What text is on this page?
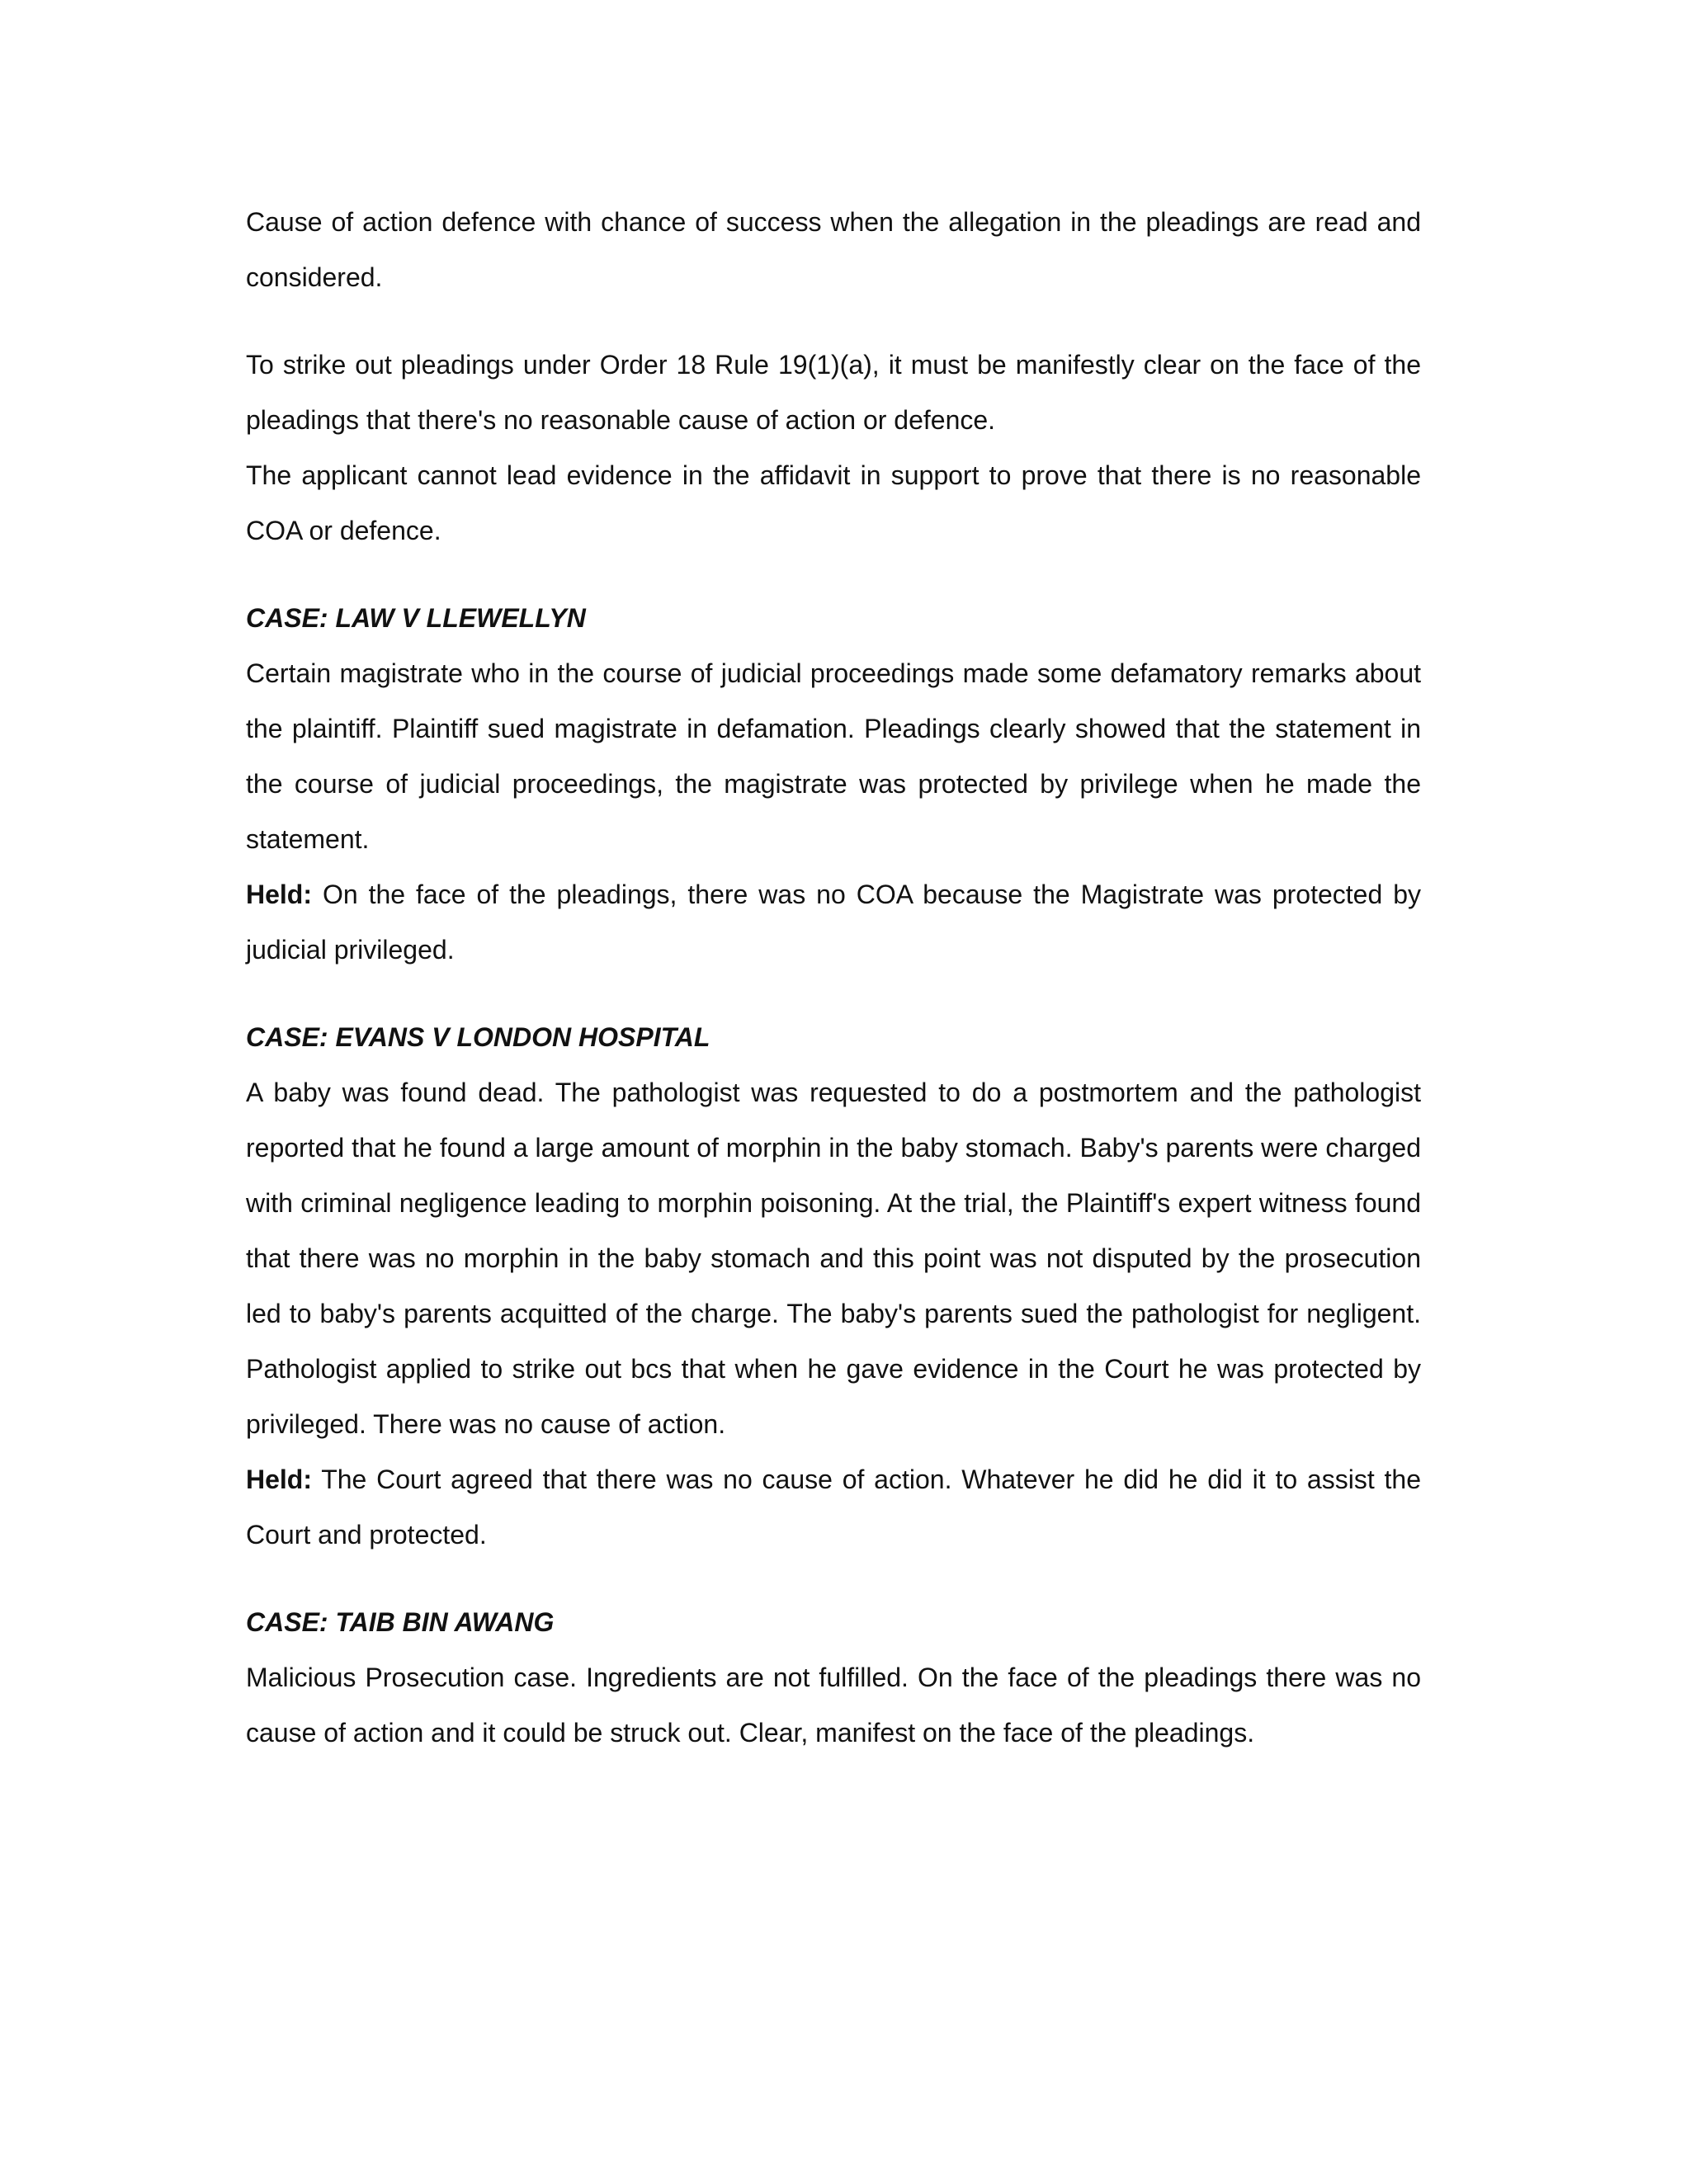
Cause of action defence with chance of success when the allegation in the pleadings are read and considered.

To strike out pleadings under Order 18 Rule 19(1)(a), it must be manifestly clear on the face of the pleadings that there's no reasonable cause of action or defence.

The applicant cannot lead evidence in the affidavit in support to prove that there is no reasonable COA or defence.

CASE: LAW V LLEWELLYN

Certain magistrate who in the course of judicial proceedings made some defamatory remarks about the plaintiff. Plaintiff sued magistrate in defamation. Pleadings clearly showed that the statement in the course of judicial proceedings, the magistrate was protected by privilege when he made the statement.

Held: On the face of the pleadings, there was no COA because the Magistrate was protected by judicial privileged.

CASE: EVANS V LONDON HOSPITAL

A baby was found dead. The pathologist was requested to do a postmortem and the pathologist reported that he found a large amount of morphin in the baby stomach. Baby's parents were charged with criminal negligence leading to morphin poisoning. At the trial, the Plaintiff's expert witness found that there was no morphin in the baby stomach and this point was not disputed by the prosecution led to baby's parents acquitted of the charge. The baby's parents sued the pathologist for negligent. Pathologist applied to strike out bcs that when he gave evidence in the Court he was protected by privileged. There was no cause of action.

Held: The Court agreed that there was no cause of action. Whatever he did he did it to assist the Court and protected.

CASE: TAIB BIN AWANG

Malicious Prosecution case. Ingredients are not fulfilled. On the face of the pleadings there was no cause of action and it could be struck out. Clear, manifest on the face of the pleadings.
